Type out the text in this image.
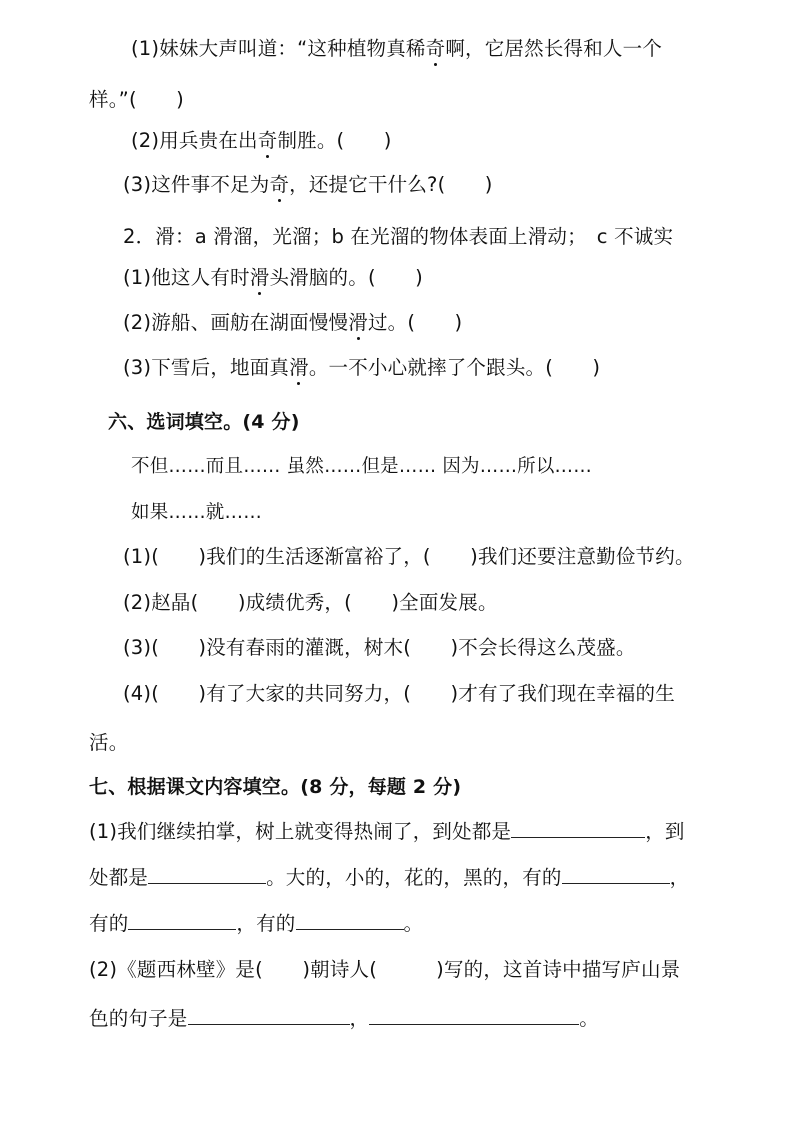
(1)妹妹大声叫道：“这种植物真稀奇啊，它居然长得和人一个
样。”(　　)
(2)用兵贵在出奇制胜。(　　)
(3)这件事不足为奇，还提它干什么?(　　)
2．滑：a 滑溜，光溜；b 在光溜的物体表面上滑动；　c 不诚实
(1)他这人有时滑头滑脑的。(　　)
(2)游船、画舫在湖面慢慢滑过。(　　)
(3)下雪后，地面真滑。一不小心就摔了个跟头。(　　)
六、选词填空。(4 分)
不但……而且…… 虽然……但是…… 因为……所以……
如果……就……
(1)(　　)我们的生活逐渐富裕了，(　　)我们还要注意勤俭节约。
(2)赵晶(　　)成绩优秀，(　　)全面发展。
(3)(　　)没有春雨的灌溉，树木(　　)不会长得这么茂盛。
(4)(　　)有了大家的共同努力，(　　)才有了我们现在幸福的生
活。
七、根据课文内容填空。(8 分，每题 2 分)
(1)我们继续拍掌，树上就变得热闹了，到处都是	，到
处都是	。大的，小的，花的，黑的，有的	，
有的	，有的	。
(2)《题西林壁》是(　　)朝诗人(　　　)写的，这首诗中描写庐山景
色的句子是	，	。
